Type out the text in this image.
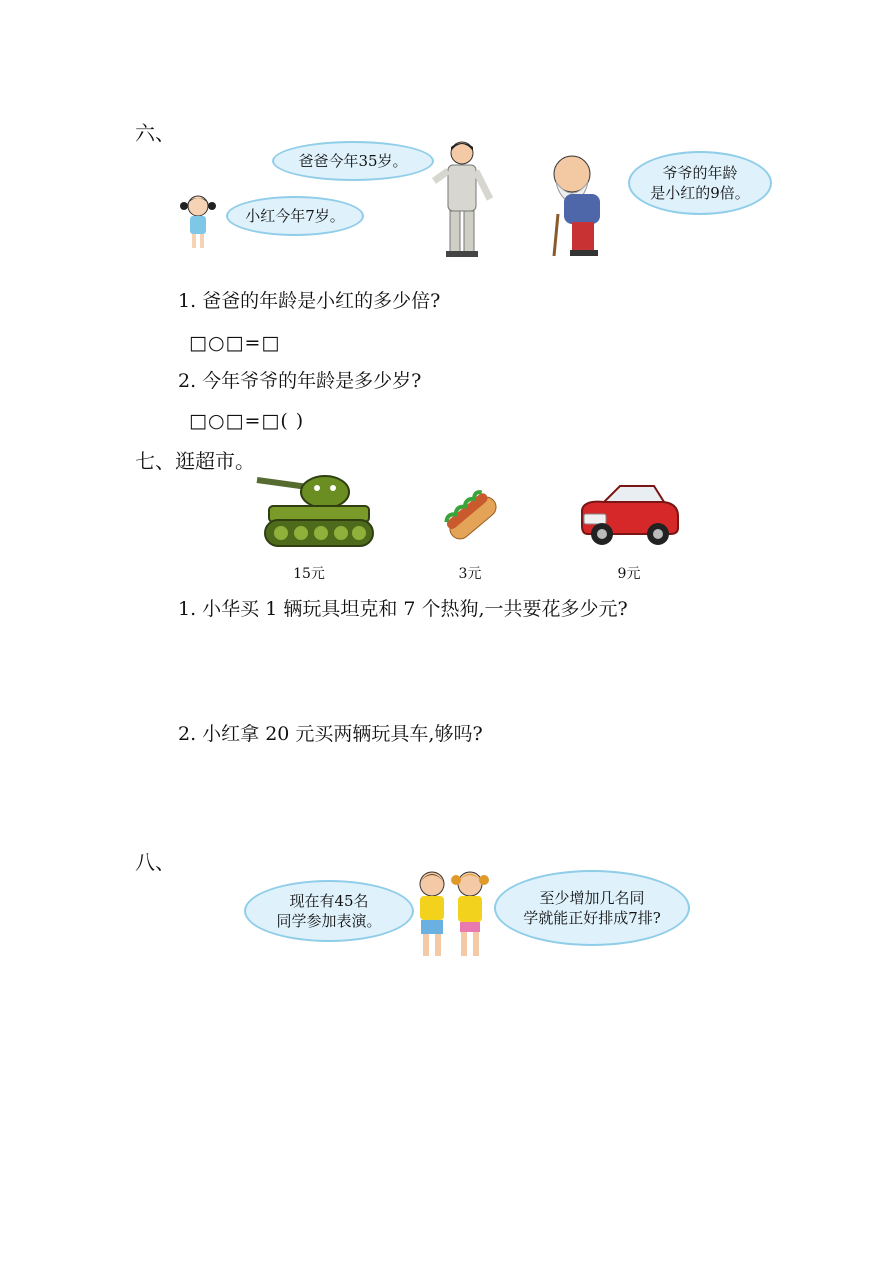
六、
爸爸今年35岁。
小红今年7岁。
爷爷的年龄
是小红的9倍。
1. 爸爸的年龄是小红的多少倍?
□○□=□
2. 今年爷爷的年龄是多少岁?
□○□=□( )
七、逛超市。
15元	3元	9元
1. 小华买 1 辆玩具坦克和 7 个热狗,一共要花多少元?
2. 小红拿 20 元买两辆玩具车,够吗?
八、
现在有45名
同学参加表演。
至少增加几名同
学就能正好排成7排?
